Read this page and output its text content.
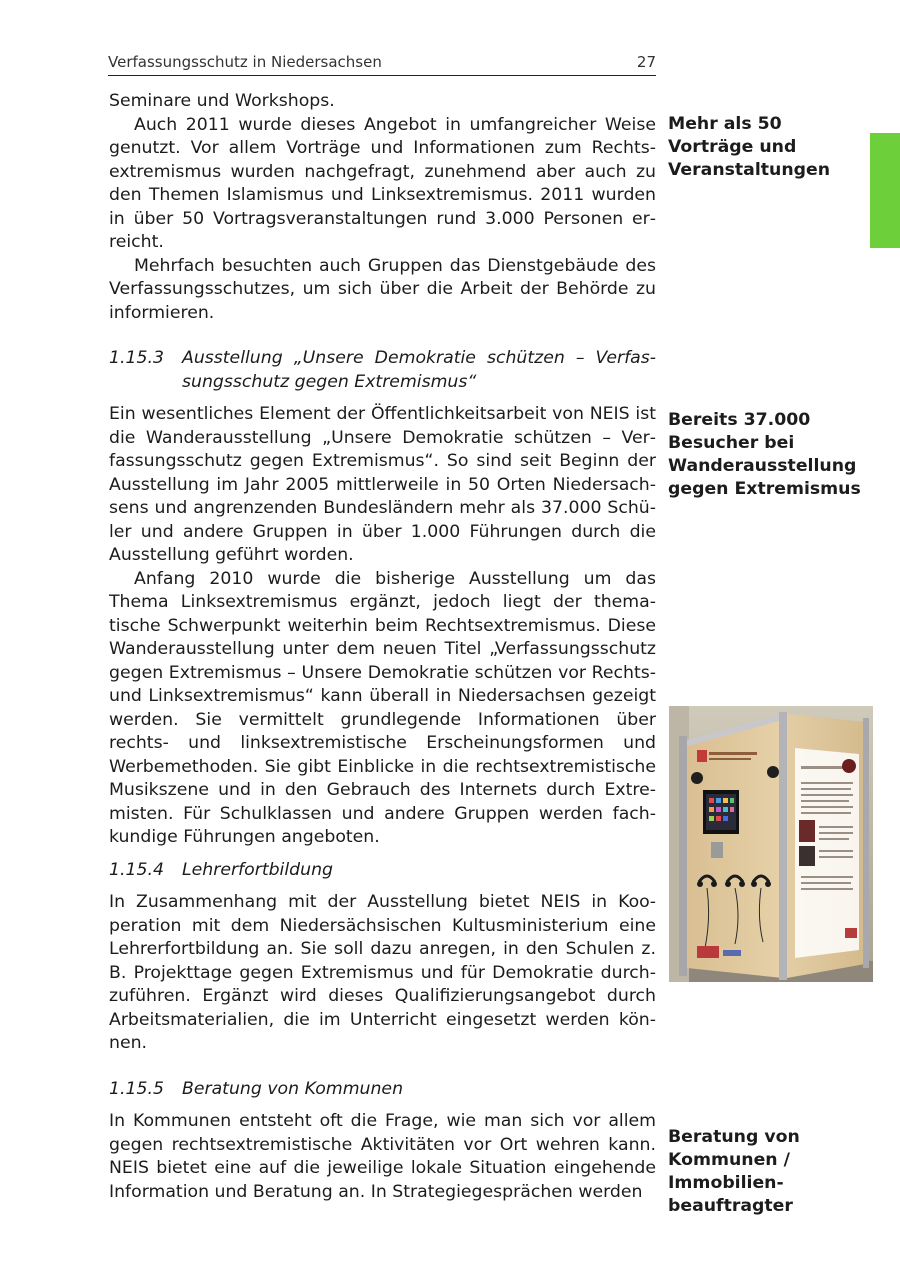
Verfassungsschutz in Niedersachsen	27

Seminare und Workshops.

Auch 2011 wurde dieses Angebot in umfangreicher Weise genutzt. Vor allem Vorträge und Informationen zum Rechtsextremismus wurden nachgefragt, zunehmend aber auch zu den Themen Islamismus und Linksextremismus. 2011 wurden in über 50 Vortragsveranstaltungen rund 3.000 Personen erreicht.

Mehrfach besuchten auch Gruppen das Dienstgebäude des Verfassungsschutzes, um sich über die Arbeit der Behörde zu informieren.

1.15.3	Ausstellung „Unsere Demokratie schützen – Verfassungsschutz gegen Extremismus“

Ein wesentliches Element der Öffentlichkeitsarbeit von NEIS ist die Wanderausstellung „Unsere Demokratie schützen – Verfassungsschutz gegen Extremismus“. So sind seit Beginn der Ausstellung im Jahr 2005 mittlerweile in 50 Orten Niedersachsens und angrenzenden Bundesländern mehr als 37.000 Schüler und andere Gruppen in über 1.000 Führungen durch die Ausstellung geführt worden.

Anfang 2010 wurde die bisherige Ausstellung um das Thema Linksextremismus ergänzt, jedoch liegt der thematische Schwerpunkt weiterhin beim Rechtsextremismus. Diese Wanderausstellung unter dem neuen Titel „Verfassungsschutz gegen Extremismus – Unsere Demokratie schützen vor Rechts- und Linksextremismus“ kann überall in Niedersachsen gezeigt werden. Sie vermittelt grundlegende Informationen über rechts- und linksextremistische Erscheinungsformen und Werbemethoden. Sie gibt Einblicke in die rechtsextremistische Musikszene und in den Gebrauch des Internets durch Extremisten. Für Schulklassen und andere Gruppen werden fachkundige Führungen angeboten.

1.15.4	Lehrerfortbildung

In Zusammenhang mit der Ausstellung bietet NEIS in Kooperation mit dem Niedersächsischen Kultusministerium eine Lehrerfortbildung an. Sie soll dazu anregen, in den Schulen z. B. Projekttage gegen Extremismus und für Demokratie durchzuführen. Ergänzt wird dieses Qualifizierungsangebot durch Arbeitsmaterialien, die im Unterricht eingesetzt werden können.

1.15.5	Beratung von Kommunen

In Kommunen entsteht oft die Frage, wie man sich vor allem gegen rechtsextremistische Aktivitäten vor Ort wehren kann. NEIS bietet eine auf die jeweilige lokale Situation eingehende Information und Beratung an. In Strategiegesprächen werden

Mehr als 50
Vorträge und
Veranstaltungen
Bereits 37.000
Besucher bei
Wanderausstellung
gegen Extremismus
Beratung von
Kommunen /
Immobilien-
beauftragter
